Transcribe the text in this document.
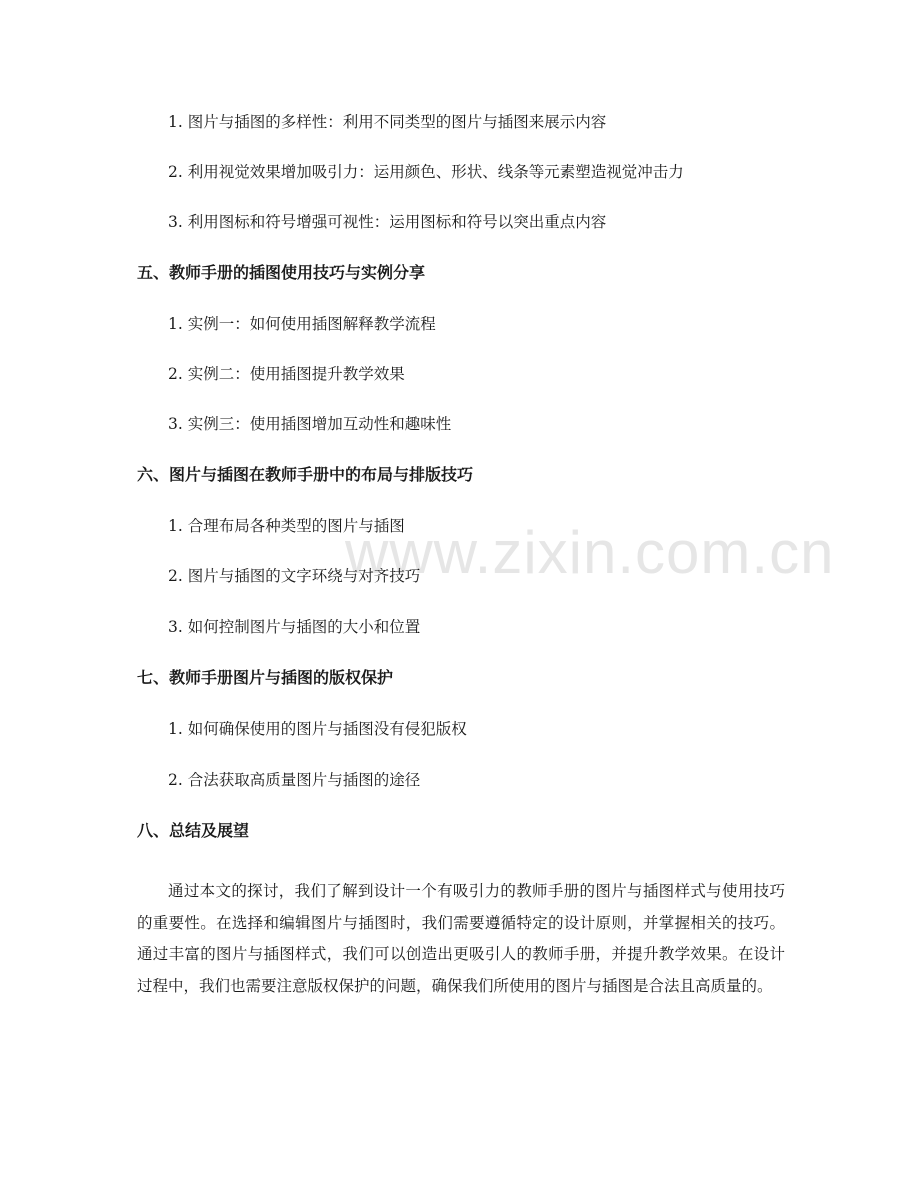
www.zixin.com.cn
1. 图片与插图的多样性：利用不同类型的图片与插图来展示内容
2. 利用视觉效果增加吸引力：运用颜色、形状、线条等元素塑造视觉冲击力
3. 利用图标和符号增强可视性：运用图标和符号以突出重点内容
五、教师手册的插图使用技巧与实例分享
1. 实例一：如何使用插图解释教学流程
2. 实例二：使用插图提升教学效果
3. 实例三：使用插图增加互动性和趣味性
六、图片与插图在教师手册中的布局与排版技巧
1. 合理布局各种类型的图片与插图
2. 图片与插图的文字环绕与对齐技巧
3. 如何控制图片与插图的大小和位置
七、教师手册图片与插图的版权保护
1. 如何确保使用的图片与插图没有侵犯版权
2. 合法获取高质量图片与插图的途径
八、总结及展望

通过本文的探讨，我们了解到设计一个有吸引力的教师手册的图片与插图样式与使用技巧的重要性。在选择和编辑图片与插图时，我们需要遵循特定的设计原则，并掌握相关的技巧。通过丰富的图片与插图样式，我们可以创造出更吸引人的教师手册，并提升教学效果。在设计过程中，我们也需要注意版权保护的问题，确保我们所使用的图片与插图是合法且高质量的。
